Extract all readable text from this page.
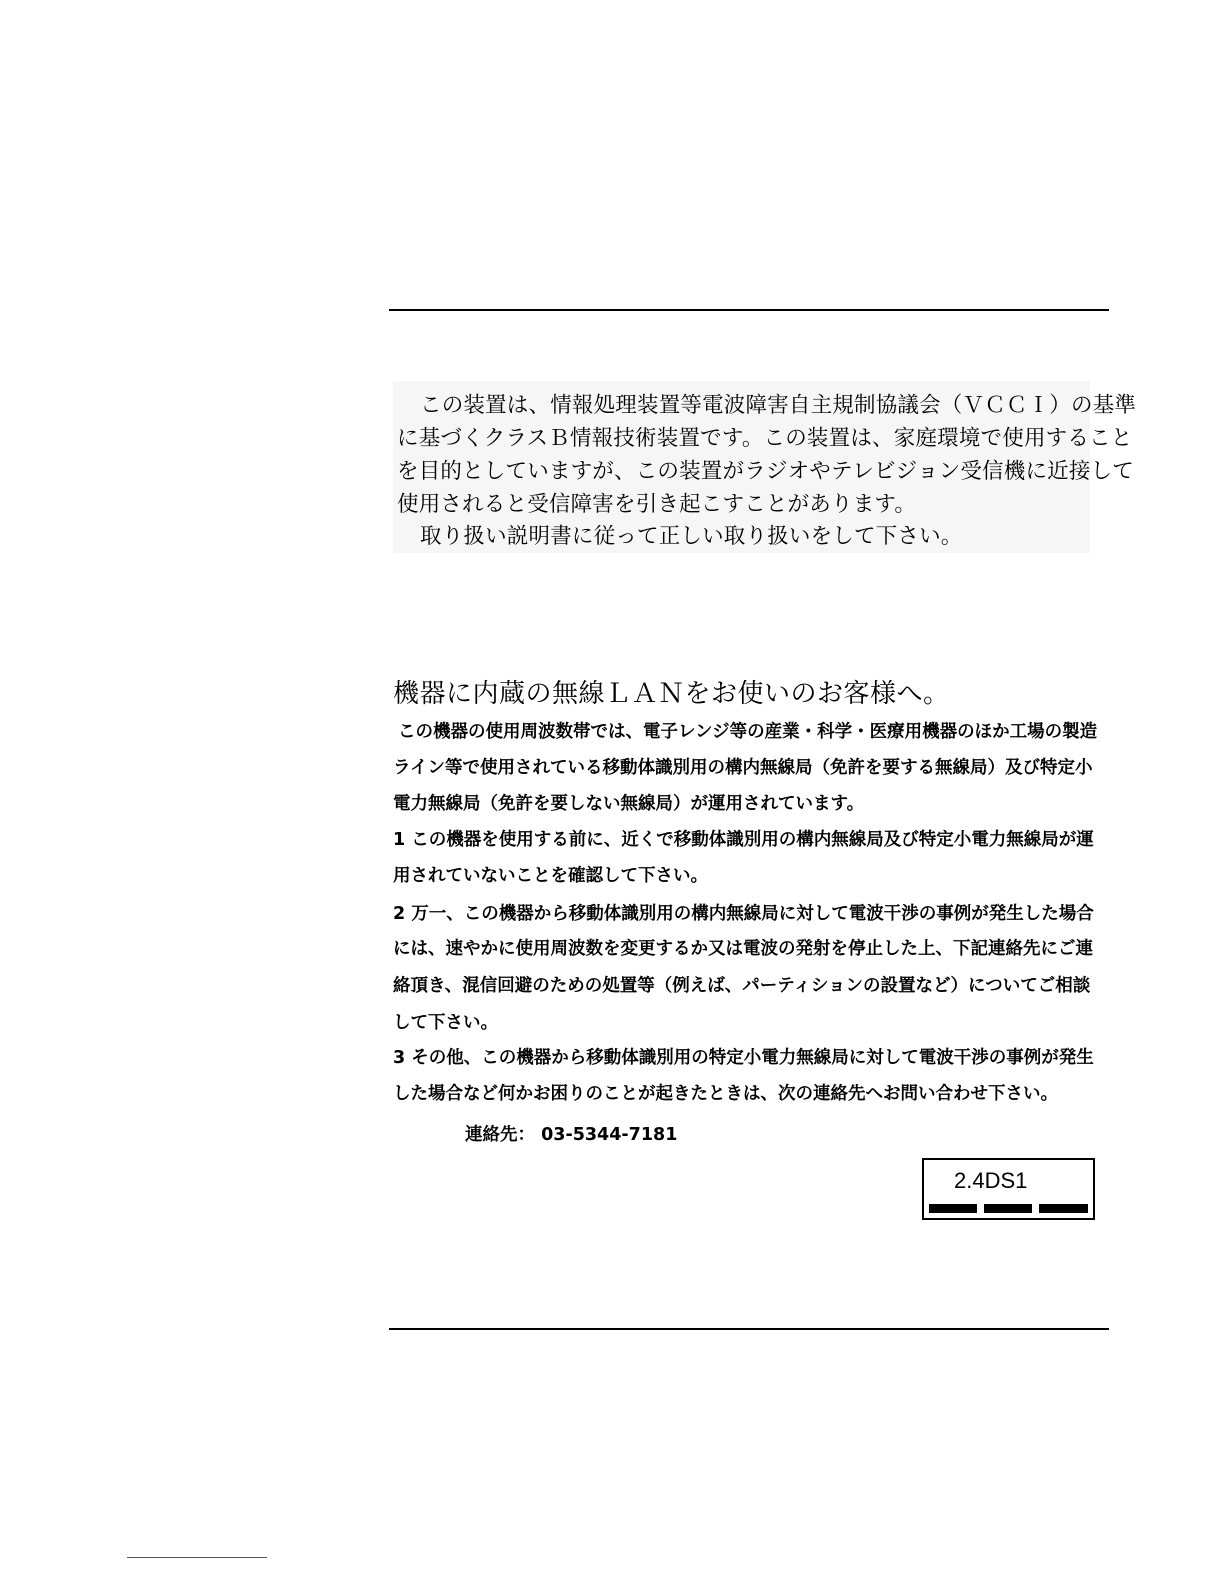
この装置は、情報処理装置等電波障害自主規制協議会（ＶＣＣＩ）の基準
に基づくクラスＢ情報技術装置です。この装置は、家庭環境で使用すること
を目的としていますが、この装置がラジオやテレビジョン受信機に近接して
使用されると受信障害を引き起こすことがあります。
取り扱い説明書に従って正しい取り扱いをして下さい。
機器に内蔵の無線ＬＡＮをお使いのお客様へ。
この機器の使用周波数帯では、電子レンジ等の産業・科学・医療用機器のほか工場の製造
ライン等で使用されている移動体識別用の構内無線局（免許を要する無線局）及び特定小
電力無線局（免許を要しない無線局）が運用されています。
1 この機器を使用する前に、近くで移動体識別用の構内無線局及び特定小電力無線局が運
用されていないことを確認して下さい。
2 万一、この機器から移動体識別用の構内無線局に対して電波干渉の事例が発生した場合
には、速やかに使用周波数を変更するか又は電波の発射を停止した上、下記連絡先にご連
絡頂き、混信回避のための処置等（例えば、パーティションの設置など）についてご相談
して下さい。
3 その他、この機器から移動体識別用の特定小電力無線局に対して電波干渉の事例が発生
した場合など何かお困りのことが起きたときは、次の連絡先へお問い合わせ下さい。
連絡先： 03-5344-7181
2.4DS1
